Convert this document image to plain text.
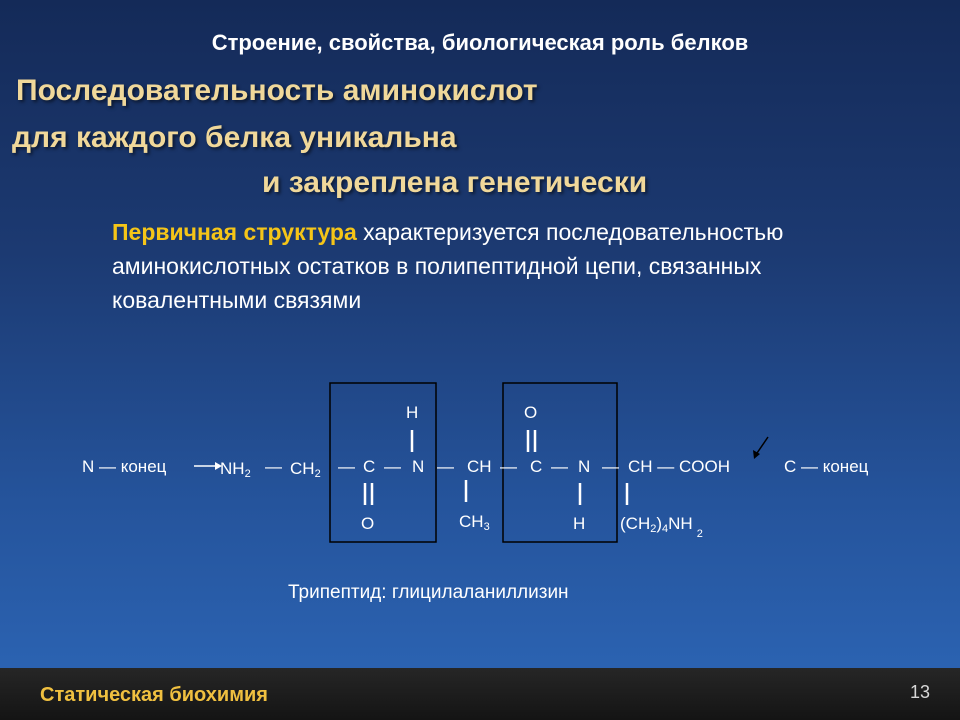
Строение, свойства, биологическая роль белков

Последовательность аминокислот

для каждого белка уникальна

и закреплена генетически

Первичная структура характеризуется последовательностью аминокислотных остатков в полипептидной цепи, связанных ковалентными связями

N — конец	NH2 — CH2 — C — N — CH — C — N — CH — COOH	C — конец
H	O
O	CH3	H $(CH2)4NH_2$

Трипептид: глицилаланиллизин

Статическая биохимия	13
